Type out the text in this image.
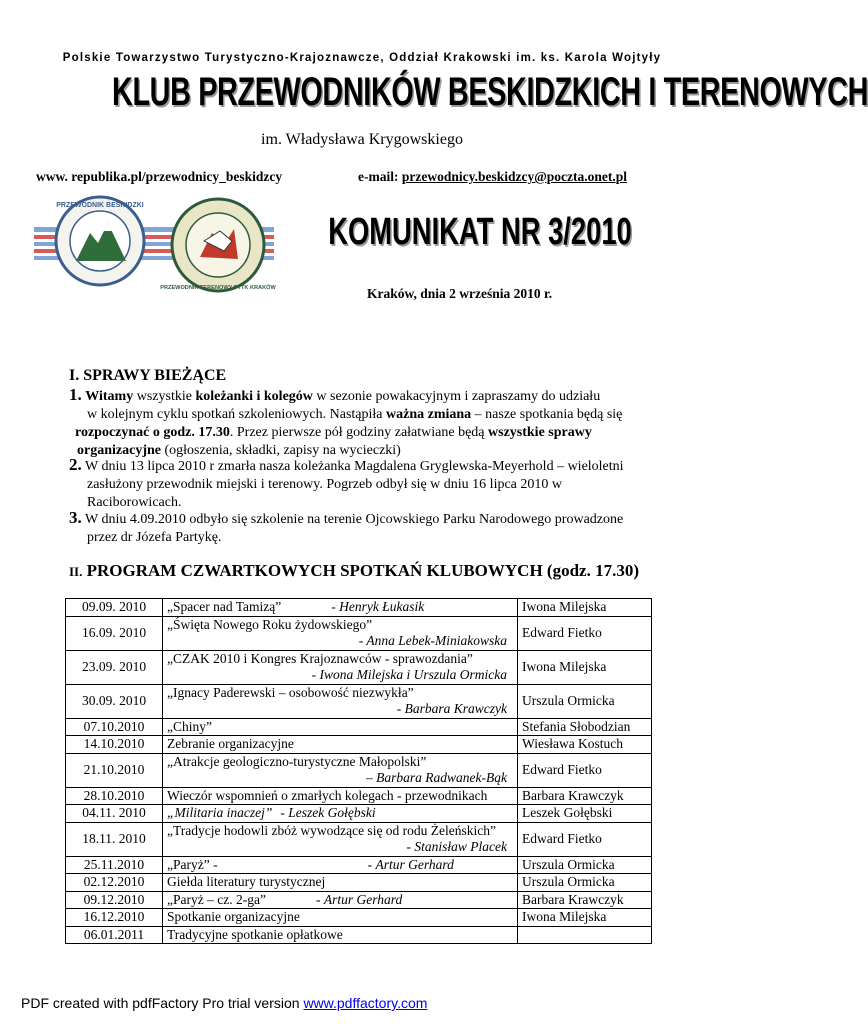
Polskie Towarzystwo Turystyczno-Krajoznawcze, Oddział Krakowski im. ks. Karola Wojtyły
KLUB PRZEWODNIKÓW BESKIDZKICH I TERENOWYCH
im. Władysława Krygowskiego
www. republika.pl/przewodnicy_beskidzcy	e-mail: przewodnicy.beskidzcy@poczta.onet.pl
PRZEWODNIK BESKIDZKI
PRZEWODNIK TERENOWY PTTK KRAKÓW
KOMUNIKAT NR 3/2010
Kraków, dnia 2 września 2010 r.
I. SPRAWY BIEŻĄCE
1. Witamy wszystkie koleżanki i kolegów w sezonie powakacyjnym i zapraszamy do udziału
w kolejnym cyklu spotkań szkoleniowych. Nastąpiła ważna zmiana – nasze spotkania będą się
rozpoczynać o godz. 17.30. Przez pierwsze pół godziny załatwiane będą wszystkie sprawy
organizacyjne (ogłoszenia, składki, zapisy na wycieczki)
2. W dniu 13 lipca 2010 r zmarła nasza koleżanka Magdalena Gryglewska-Meyerhold – wieloletni
zasłużony przewodnik miejski i terenowy. Pogrzeb odbył się w dniu 16 lipca 2010 w
Raciborowicach.
3. W dniu 4.09.2010 odbyło się szkolenie na terenie Ojcowskiego Parku Narodowego prowadzone
przez dr Józefa Partykę.
II. PROGRAM CZWARTKOWYCH SPOTKAŃ KLUBOWYCH (godz. 17.30)
09.09. 2010	„Spacer nad Tamizą” - Henryk Łukasik	Iwona Milejska
16.09. 2010	„Święta Nowego Roku żydowskiego”
- Anna Lebek-Miniakowska	Edward Fietko
23.09. 2010	„CZAK 2010 i Kongres Krajoznawców - sprawozdania”
- Iwona Milejska i Urszula Ormicka	Iwona Milejska
30.09. 2010	„Ignacy Paderewski – osobowość niezwykła”
- Barbara Krawczyk	Urszula Ormicka
07.10.2010	„Chiny”	Stefania Słobodzian
14.10.2010	Zebranie organizacyjne	Wiesława Kostuch
21.10.2010	„Atrakcje geologiczno-turystyczne Małopolski”
– Barbara Radwanek-Bąk	Edward Fietko
28.10.2010	Wieczór wspomnień o zmarłych kolegach - przewodnikach	Barbara Krawczyk
04.11. 2010	„Militaria inaczej” - Leszek Gołębski	Leszek Gołębski
18.11. 2010	„Tradycje hodowli zbóż wywodzące się od rodu Żeleńskich”
- Stanisław Placek	Edward Fietko
25.11.2010	„Paryż” - - Artur Gerhard	Urszula Ormicka
02.12.2010	Giełda literatury turystycznej	Urszula Ormicka
09.12.2010	„Paryż – cz. 2-ga” - Artur Gerhard	Barbara Krawczyk
16.12.2010	Spotkanie organizacyjne	Iwona Milejska
06.01.2011	Tradycyjne spotkanie opłatkowe	
PDF created with pdfFactory Pro trial version www.pdffactory.com
